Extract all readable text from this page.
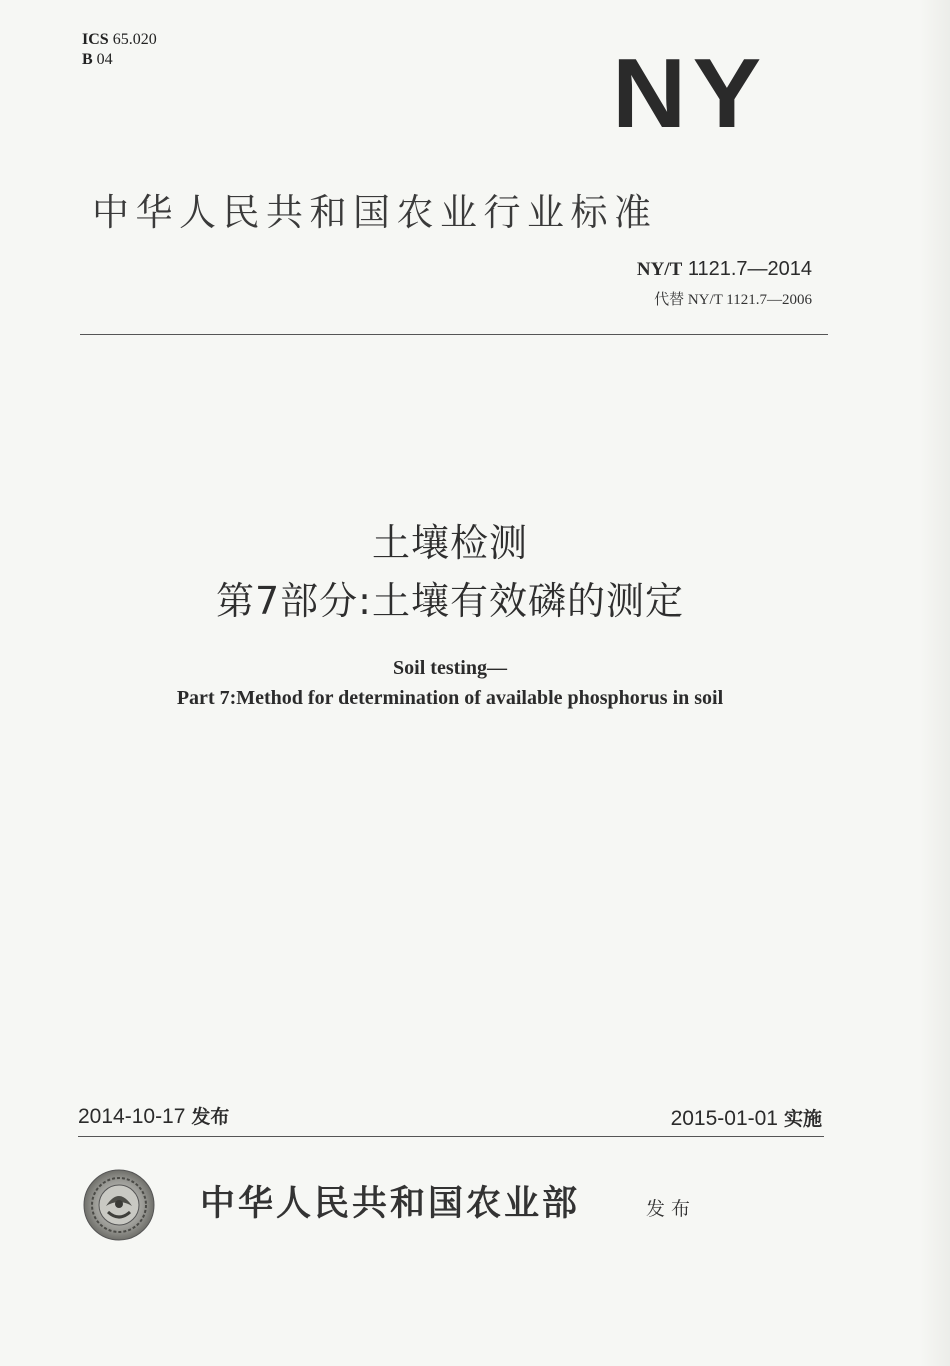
ICS 65.020
B 04	NY
中华人民共和国农业行业标准
NY/T 1121.7—2014
代替 NY/T 1121.7—2006
土壤检测
第7部分:土壤有效磷的测定
Soil testing—
Part 7:Method for determination of available phosphorus in soil
2014-10-17 发布	2015-01-01 实施
中华人民共和国农业部	发布
